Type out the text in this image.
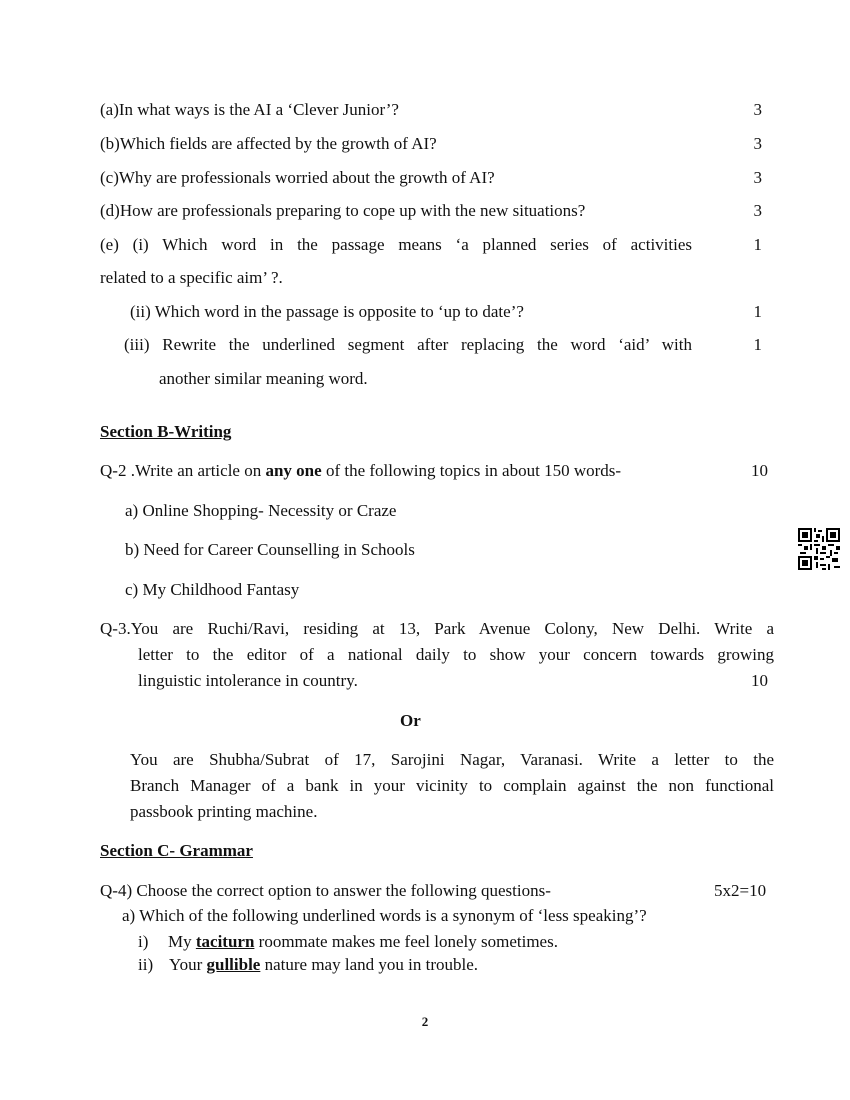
(a)In what ways is the AI a ‘Clever Junior’?	3
(b)Which fields are affected by the growth of AI?	3
(c)Why are professionals worried about the growth of AI?	3
(d)How are professionals preparing to cope up with the new situations?	3
(e) (i) Which word in the passage means ‘a planned series of activities	1
related to a specific aim’ ?.
(ii) Which word in the passage is opposite to ‘up to date’?	1
(iii) Rewrite the underlined segment after replacing the word ‘aid’ with	1
another similar meaning word.
Section B-Writing
Q-2 .Write an article on any one of the following topics in about 150 words-	10
a) Online Shopping- Necessity or Craze
b) Need for Career Counselling in Schools
c) My Childhood Fantasy
Q-3.You are Ruchi/Ravi, residing at 13, Park Avenue Colony, New Delhi. Write a
letter to the editor of a national daily to show your concern towards growing
linguistic intolerance in country.	10
Or
You are Shubha/Subrat of 17, Sarojini Nagar, Varanasi. Write a letter to the
Branch Manager of a bank in your vicinity to complain against the non functional
passbook printing machine.
Section C- Grammar
Q-4) Choose the correct option to answer the following questions-	5x2=10
a) Which of the following underlined words is a synonym of ‘less speaking’?
i) My taciturn roommate makes me feel lonely sometimes.
ii) Your gullible nature may land you in trouble.
2
